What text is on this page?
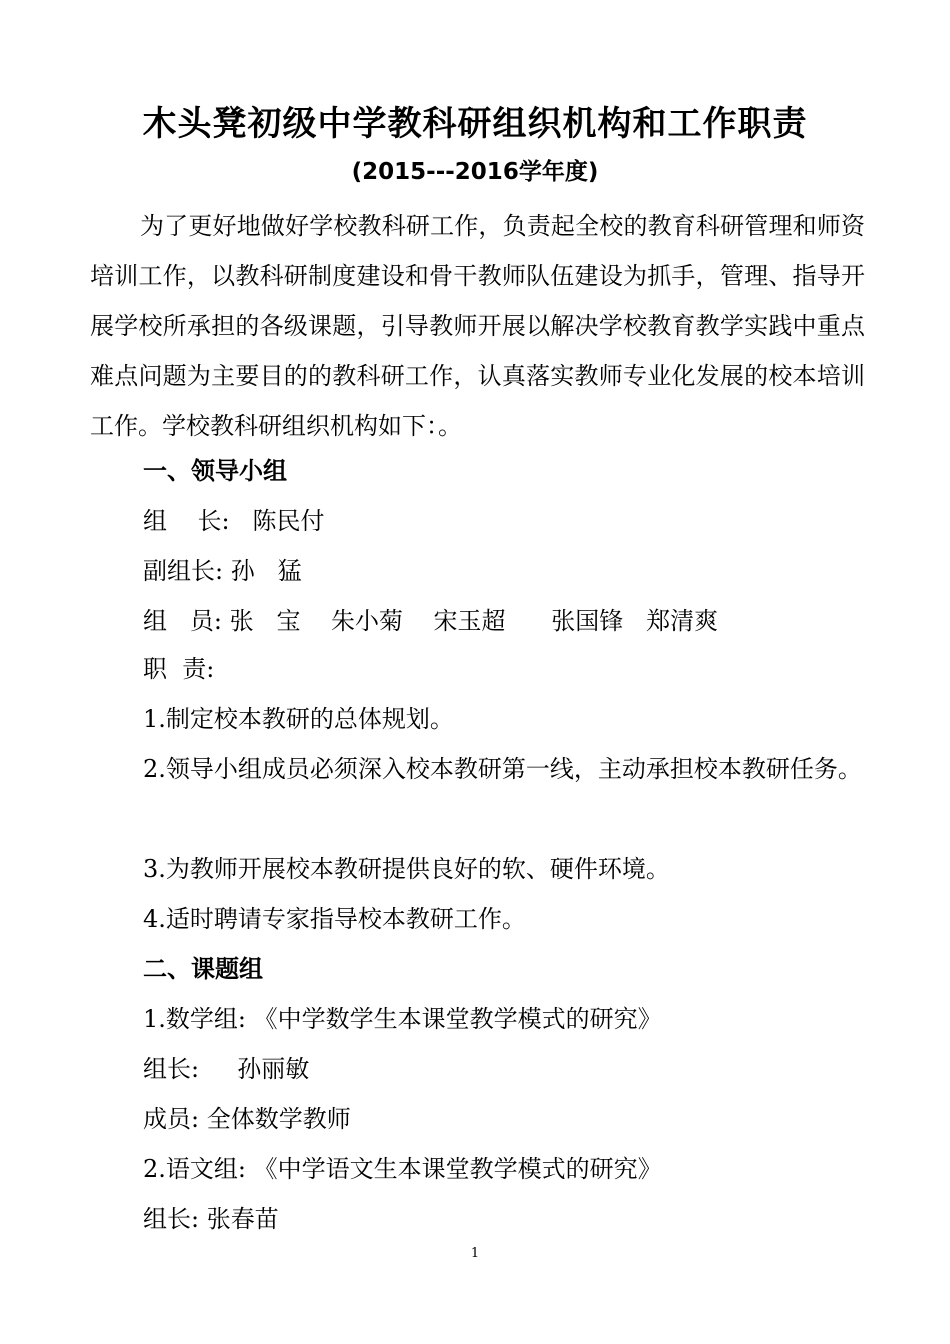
木头凳初级中学教科研组织机构和工作职责
(2015---2016学年度)

为了更好地做好学校教科研工作，负责起全校的教育科研管理和师资培训工作，以教科研制度建设和骨干教师队伍建设为抓手，管理、指导开展学校所承担的各级课题，引导教师开展以解决学校教育教学实践中重点难点问题为主要目的的教科研工作，认真落实教师专业化发展的校本培训工作。学校教科研组织机构如下：。

一、领导小组
组    长:   陈民付
副组长: 孙   猛
组   员: 张   宝    朱小菊    宋玉超      张国锋   郑清爽
职  责:
1.制定校本教研的总体规划。

2.领导小组成员必须深入校本教研第一线，主动承担校本教研任务。

3.为教师开展校本教研提供良好的软、硬件环境。
4.适时聘请专家指导校本教研工作。
二、课题组
1.数学组: 《中学数学生本课堂教学模式的研究》
组长:     孙丽敏
成员: 全体数学教师
2.语文组: 《中学语文生本课堂教学模式的研究》
组长: 张春苗
1
